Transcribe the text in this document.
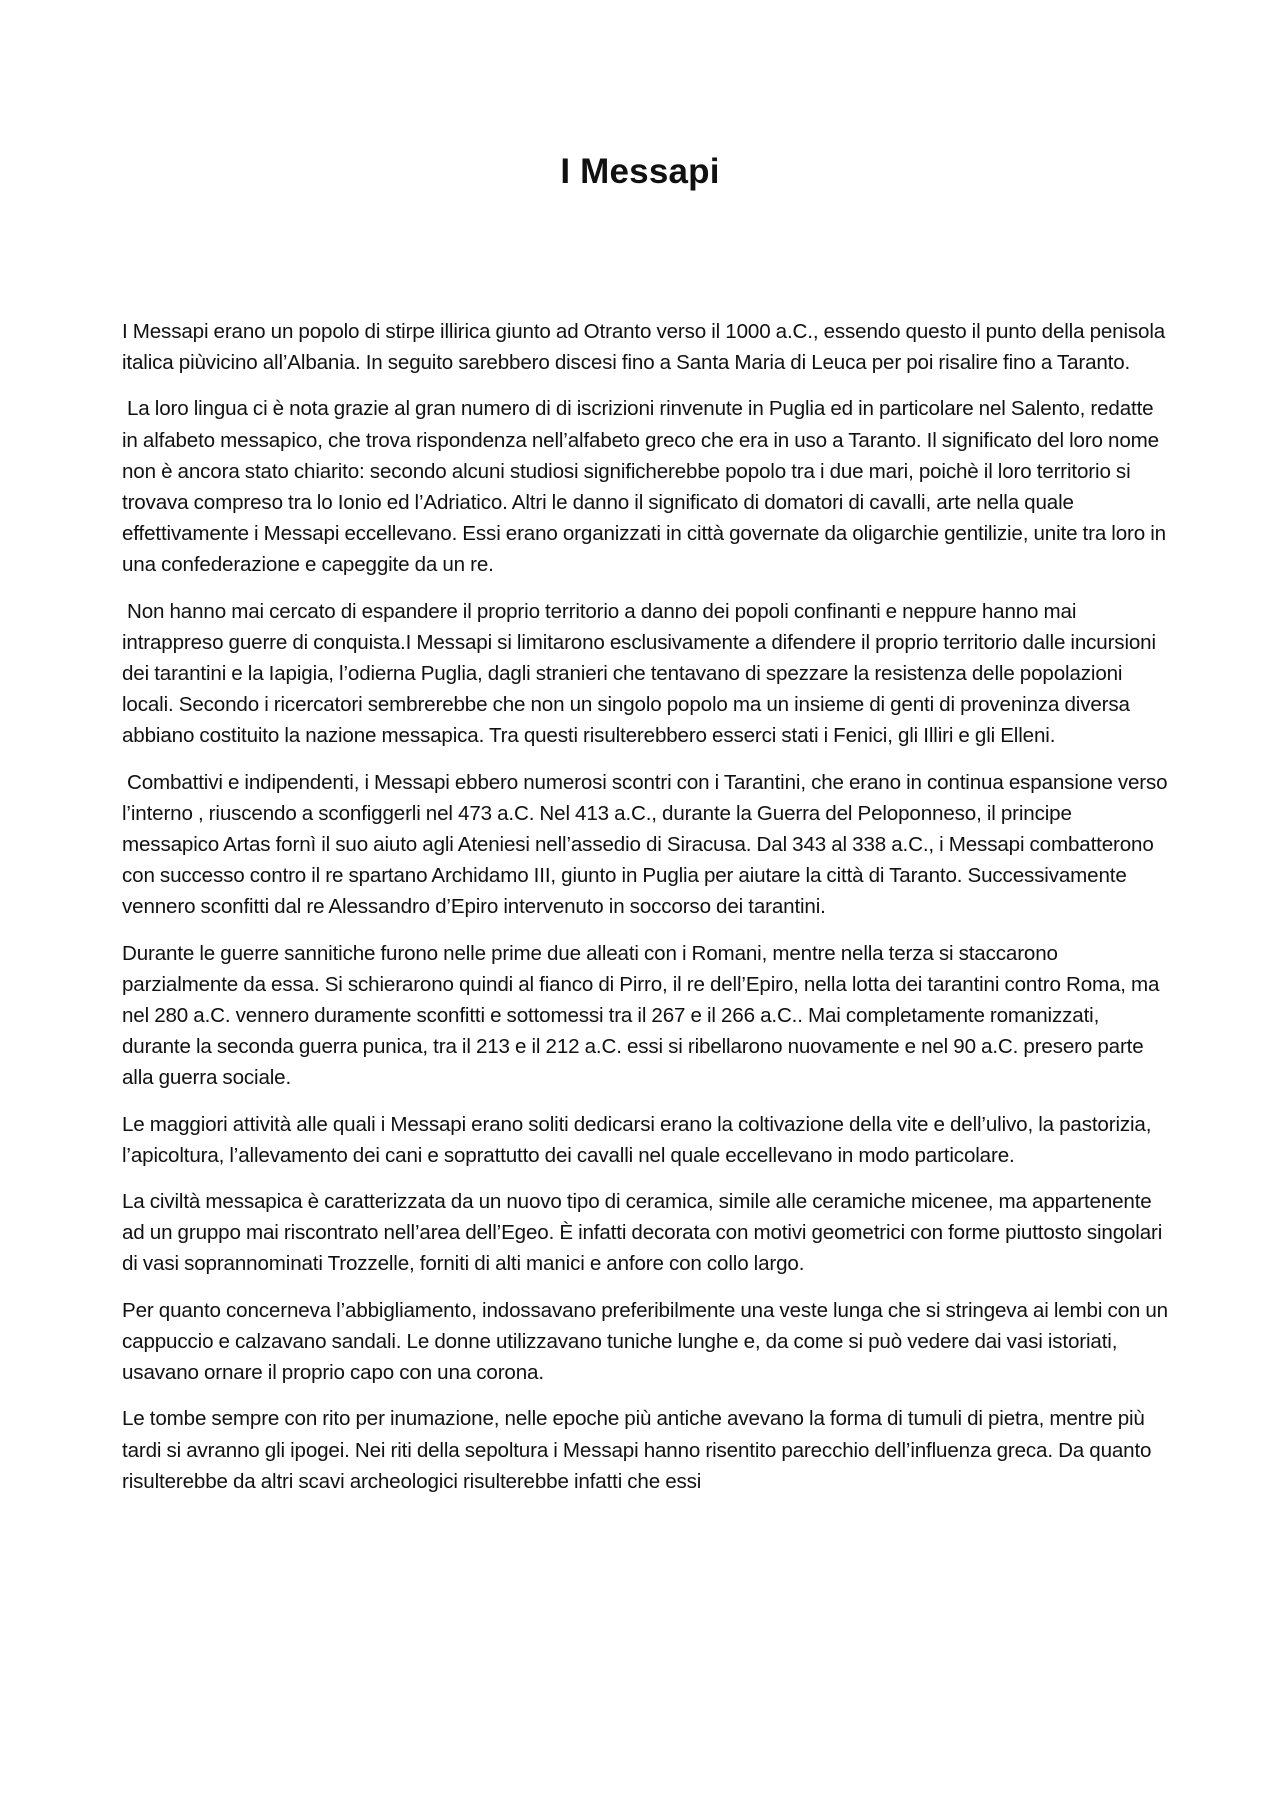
I Messapi

I Messapi erano un popolo di stirpe illirica giunto ad Otranto verso il 1000 a.C., essendo questo il punto della penisola italica piùvicino all’Albania. In seguito sarebbero discesi fino a Santa Maria di Leuca per poi risalire fino a Taranto.

La loro lingua ci è nota grazie al gran numero di di iscrizioni rinvenute in Puglia ed in particolare nel Salento, redatte in alfabeto messapico, che trova rispondenza nell’alfabeto greco che era in uso a Taranto. Il significato del loro nome non è ancora stato chiarito: secondo alcuni studiosi significherebbe popolo tra i due mari, poichè il loro territorio si trovava compreso tra lo Ionio ed l’Adriatico. Altri le danno il significato di domatori di cavalli, arte nella quale effettivamente i Messapi eccellevano. Essi erano organizzati in città governate da oligarchie gentilizie, unite tra loro in una confederazione e capeggite da un re.

Non hanno mai cercato di espandere il proprio territorio a danno dei popoli confinanti e neppure hanno mai intrappreso guerre di conquista.I Messapi si limitarono esclusivamente a difendere il proprio territorio dalle incursioni dei tarantini e la Iapigia, l’odierna Puglia, dagli stranieri che tentavano di spezzare la resistenza delle popolazioni locali. Secondo i ricercatori sembrerebbe che non un singolo popolo ma un insieme di genti di proveninza diversa abbiano costituito la nazione messapica. Tra questi risulterebbero esserci stati i Fenici, gli Illiri e gli Elleni.

Combattivi e indipendenti, i Messapi ebbero numerosi scontri con i Tarantini, che erano in continua espansione verso l’interno , riuscendo a sconfiggerli nel 473 a.C. Nel 413 a.C., durante la Guerra del Peloponneso, il principe messapico Artas fornì il suo aiuto agli Ateniesi nell’assedio di Siracusa. Dal 343 al 338 a.C., i Messapi combatterono con successo contro il re spartano Archidamo III, giunto in Puglia per aiutare la città di Taranto. Successivamente vennero sconfitti dal re Alessandro d’Epiro intervenuto in soccorso dei tarantini.

Durante le guerre sannitiche furono nelle prime due alleati con i Romani, mentre nella terza si staccarono parzialmente da essa. Si schierarono quindi al fianco di Pirro, il re dell’Epiro, nella lotta dei tarantini contro Roma, ma nel 280 a.C. vennero duramente sconfitti e sottomessi tra il 267 e il 266 a.C.. Mai completamente romanizzati, durante la seconda guerra punica, tra il 213 e il 212 a.C. essi si ribellarono nuovamente e nel 90 a.C. presero parte alla guerra sociale.

Le maggiori attività alle quali i Messapi erano soliti dedicarsi erano la coltivazione della vite e dell’ulivo, la pastorizia, l’apicoltura, l’allevamento dei cani e soprattutto dei cavalli nel quale eccellevano in modo particolare.

La civiltà messapica è caratterizzata da un nuovo tipo di ceramica, simile alle ceramiche micenee, ma appartenente ad un gruppo mai riscontrato nell’area dell’Egeo. È infatti decorata con motivi geometrici con forme piuttosto singolari di vasi soprannominati Trozzelle, forniti di alti manici e anfore con collo largo.

Per quanto concerneva l’abbigliamento, indossavano preferibilmente una veste lunga che si stringeva ai lembi con un cappuccio e calzavano sandali. Le donne utilizzavano tuniche lunghe e, da come si può vedere dai vasi istoriati, usavano ornare il proprio capo con una corona.

Le tombe sempre con rito per inumazione, nelle epoche più antiche avevano la forma di tumuli di pietra, mentre più tardi si avranno gli ipogei. Nei riti della sepoltura i Messapi hanno risentito parecchio dell’influenza greca. Da quanto risulterebbe da altri scavi archeologici risulterebbe infatti che essi
